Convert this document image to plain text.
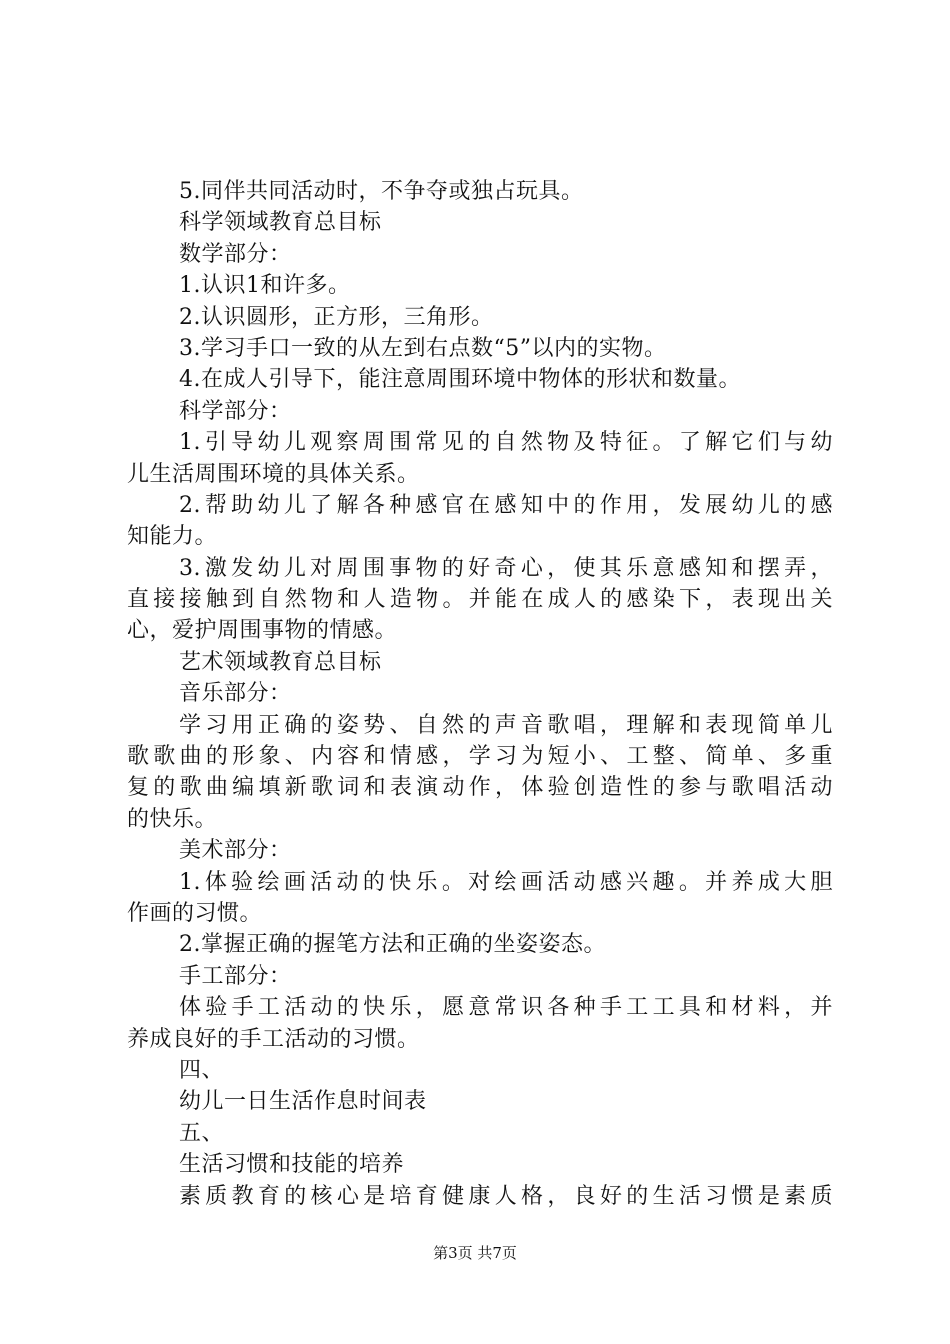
5.同伴共同活动时，不争夺或独占玩具。
科学领域教育总目标
数学部分：
1.认识1和许多。
2.认识圆形，正方形，三角形。
3.学习手口一致的从左到右点数“5”以内的实物。
4.在成人引导下，能注意周围环境中物体的形状和数量。
科学部分：
1.引导幼儿观察周围常见的自然物及特征。了解它们与幼
儿生活周围环境的具体关系。
2.帮助幼儿了解各种感官在感知中的作用，发展幼儿的感
知能力。
3.激发幼儿对周围事物的好奇心，使其乐意感知和摆弄，
直接接触到自然物和人造物。并能在成人的感染下，表现出关
心，爱护周围事物的情感。
艺术领域教育总目标
音乐部分：
学习用正确的姿势、自然的声音歌唱，理解和表现简单儿
歌歌曲的形象、内容和情感，学习为短小、工整、简单、多重
复的歌曲编填新歌词和表演动作，体验创造性的参与歌唱活动
的快乐。
美术部分：
1.体验绘画活动的快乐。对绘画活动感兴趣。并养成大胆
作画的习惯。
2.掌握正确的握笔方法和正确的坐姿姿态。
手工部分：
体验手工活动的快乐，愿意常识各种手工工具和材料，并
养成良好的手工活动的习惯。
四、
幼儿一日生活作息时间表
五、
生活习惯和技能的培养
素质教育的核心是培育健康人格，良好的生活习惯是素质
第3页 共7页
